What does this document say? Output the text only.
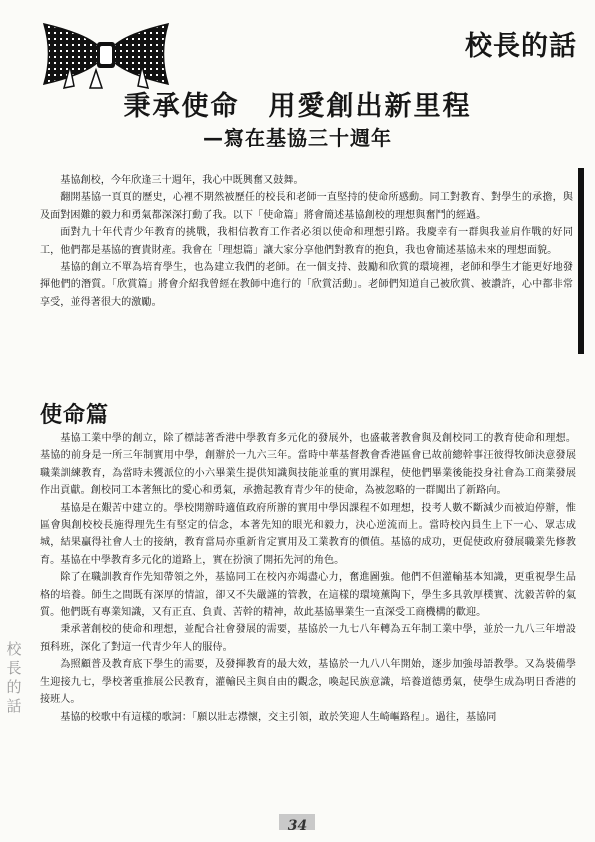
校長的話
秉承使命　用愛創出新里程
—寫在基協三十週年

基協創校，今年欣逢三十週年，我心中既興奮又鼓舞。

翻開基協一頁頁的歷史，心裡不期然被歷任的校長和老師一直堅持的使命所感動。同工對教育、對學生的承擔，與及面對困難的毅力和勇氣都深深打動了我。以下「使命篇」將會簡述基協創校的理想與奮鬥的經過。

面對九十年代青少年教育的挑戰，我相信教育工作者必須以使命和理想引路。我慶幸有一群與我並肩作戰的好同工，他們都是基協的寶貴財產。我會在「理想篇」讓大家分享他們對教育的抱負，我也會簡述基協未來的理想面貌。

基協的創立不單為培育學生，也為建立我們的老師。在一個支持、鼓勵和欣賞的環境裡，老師和學生才能更好地發揮他們的潛質。「欣賞篇」將會介紹我曾經在教師中進行的「欣賞活動」。老師們知道自己被欣賞、被讚許，心中都非常享受，並得著很大的激勵。

使命篇

基協工業中學的創立，除了標誌著香港中學教育多元化的發展外，也盛載著教會與及創校同工的教育使命和理想。基協的前身是一所三年制實用中學，創辦於一九六三年。當時中華基督教會香港區會已故前總幹事汪彼得牧師決意發展職業訓練教育，為當時未獲派位的小六畢業生提供知識與技能並重的實用課程，使他們畢業後能投身社會為工商業發展作出貢獻。創校同工本著無比的愛心和勇氣，承擔起教育青少年的使命，為被忽略的一群闖出了新路向。

基協是在艱苦中建立的。學校開辦時適值政府所辦的實用中學因課程不如理想，投考人數不斷減少而被迫停辦，惟區會與創校校長施得理先生有堅定的信念，本著先知的眼光和毅力，決心逆流而上。當時校內員生上下一心、眾志成城，結果贏得社會人士的接納，教育當局亦重新肯定實用及工業教育的價值。基協的成功，更促使政府發展職業先修教育。基協在中學教育多元化的道路上，實在扮演了開拓先河的角色。

除了在職訓教育作先知帶領之外，基協同工在校內亦竭盡心力，奮進圖強。他們不但灌輸基本知識，更重視學生品格的培養。師生之間既有深厚的情誼，卻又不失嚴謹的管教，在這樣的環境薰陶下，學生多具敦厚樸實、沈毅苦幹的氣質。他們既有專業知識，又有正直、負責、苦幹的精神，故此基協畢業生一直深受工商機構的歡迎。

秉承著創校的使命和理想，並配合社會發展的需要，基協於一九七八年轉為五年制工業中學，並於一九八三年增設預科班，深化了對這一代青少年人的服侍。

為照顧普及教育底下學生的需要，及發揮教育的最大效，基協於一九八八年開始，逐步加強母語教學。又為裝備學生迎接九七，學校著重推展公民教育，灌輸民主與自由的觀念，喚起民族意識，培養道德勇氣，使學生成為明日香港的接班人。

基協的校歌中有這樣的歌詞：「願以壯志襟懷，交主引領，敢於笑迎人生崎嶇路程」。過往，基協同

校
長
的
話
34
